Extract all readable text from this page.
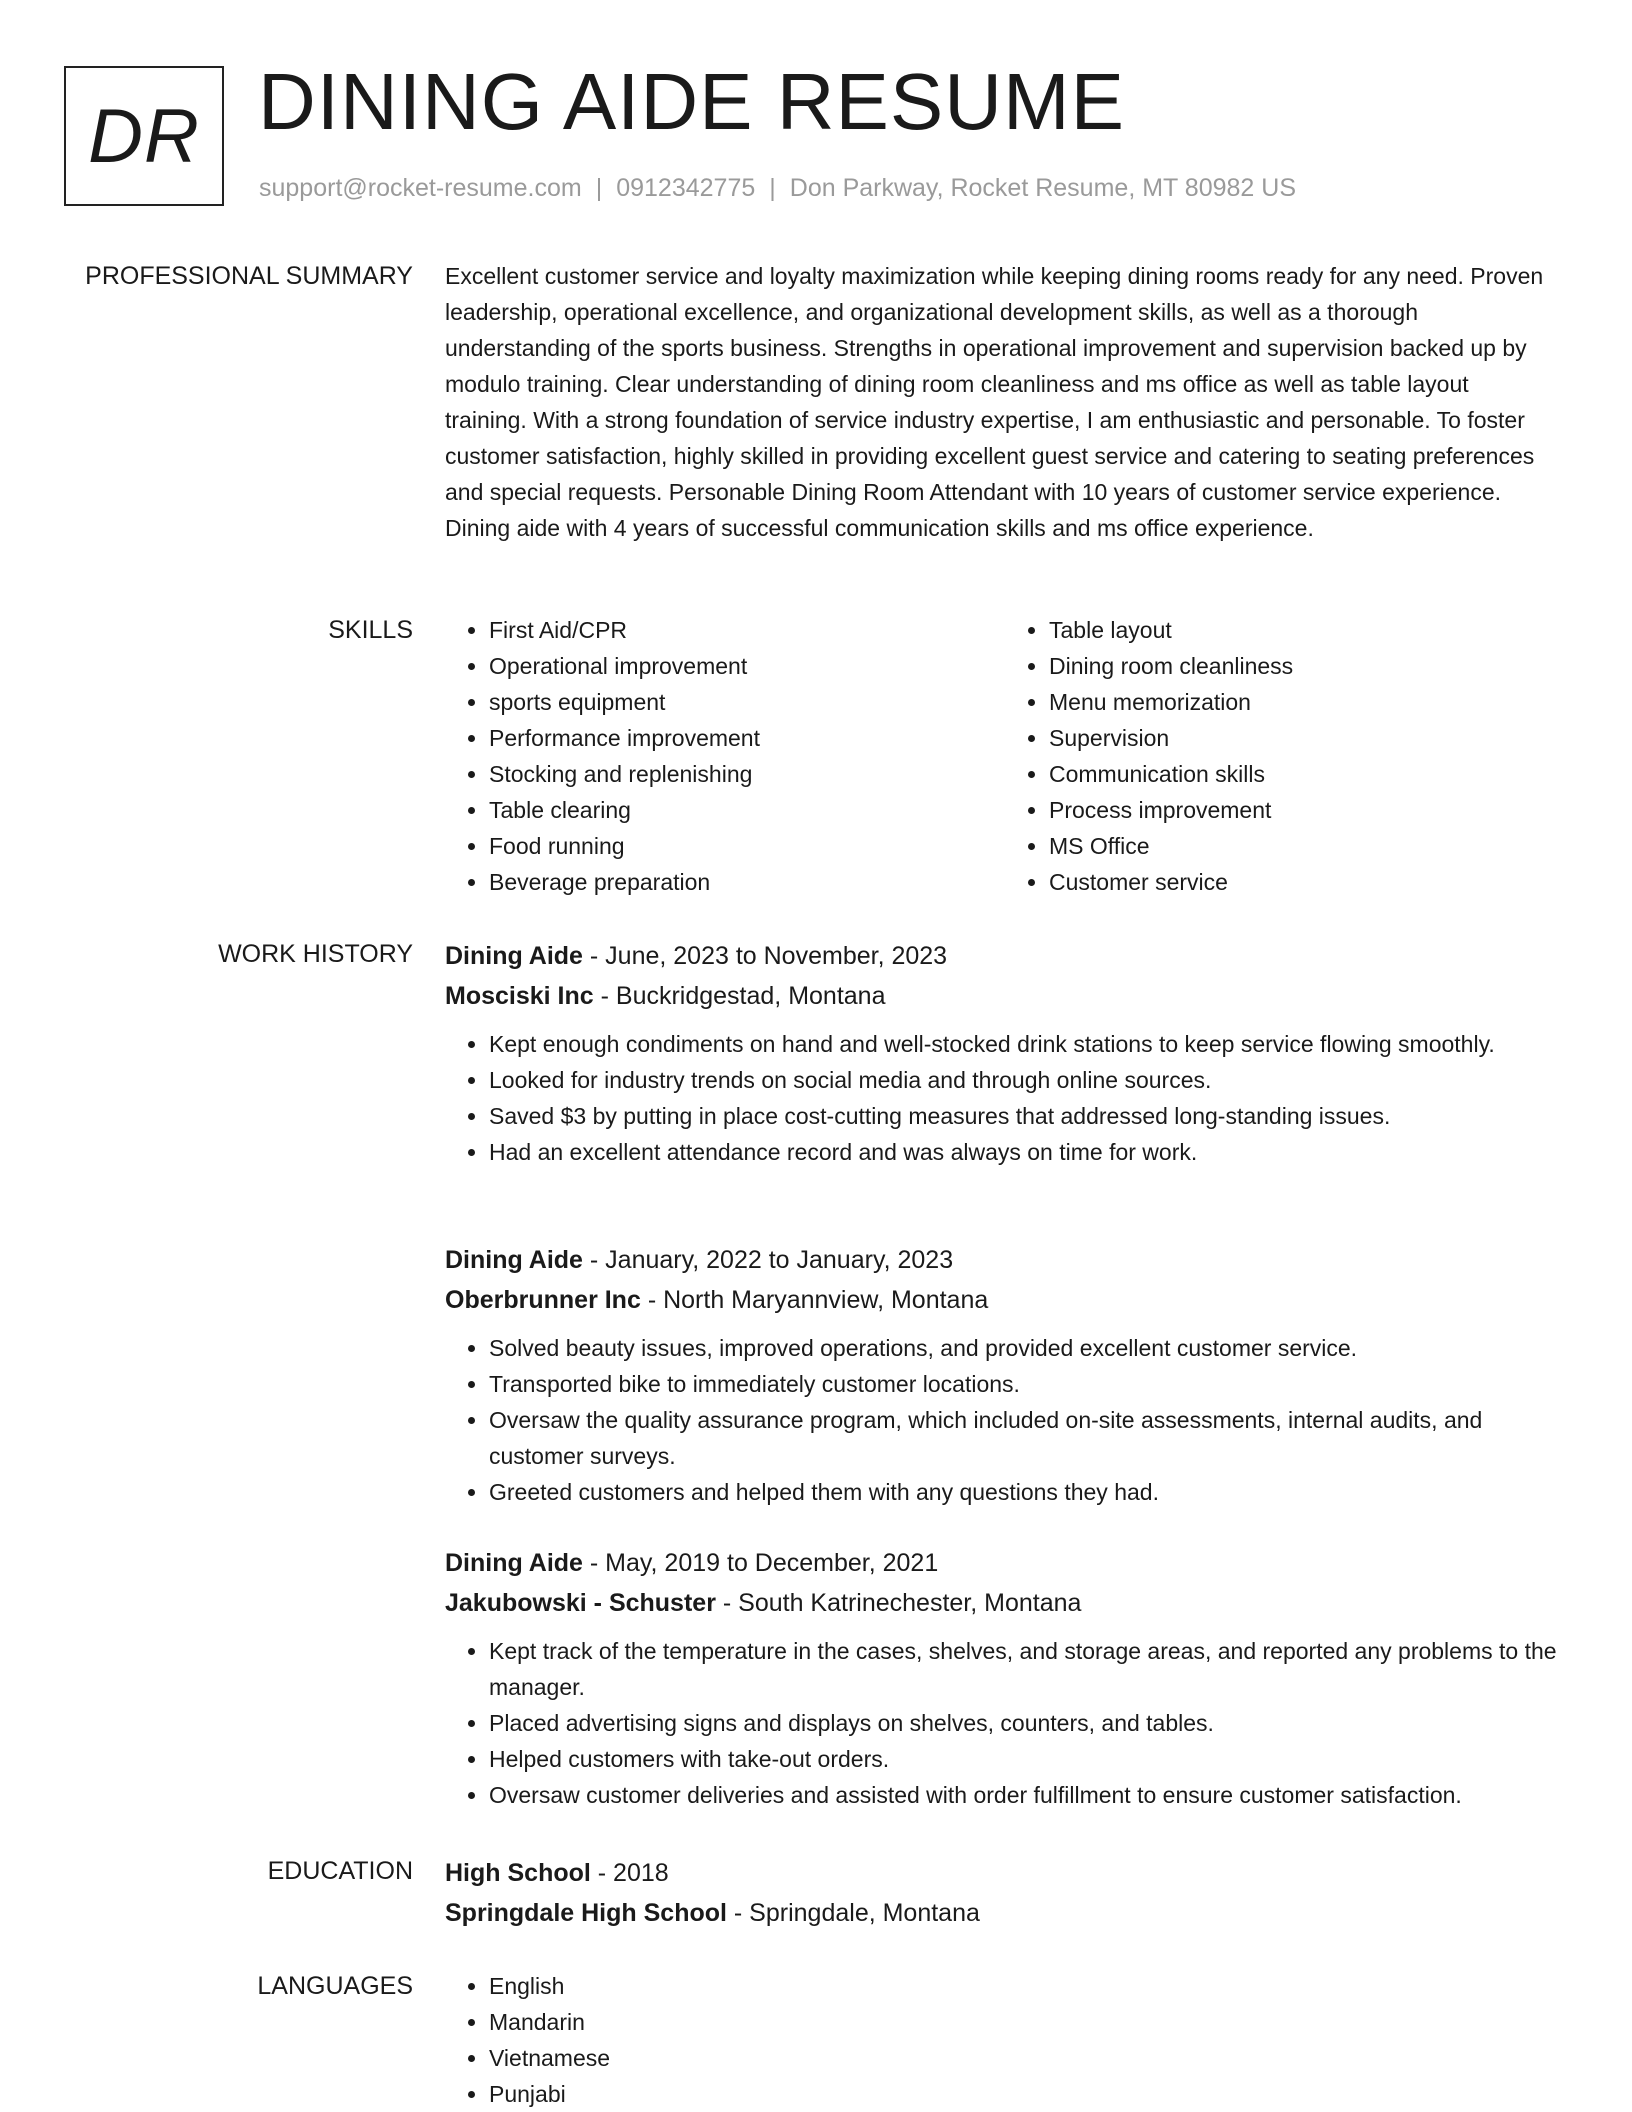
DR DINING AIDE RESUME
support@rocket-resume.com | 0912342775 | Don Parkway, Rocket Resume, MT 80982 US
PROFESSIONAL SUMMARY Excellent customer service and loyalty maximization while keeping dining rooms ready for any need. Proven leadership, operational excellence, and organizational development skills, as well as a thorough understanding of the sports business. Strengths in operational improvement and supervision backed up by modulo training. Clear understanding of dining room cleanliness and ms office as well as table layout training. With a strong foundation of service industry expertise, I am enthusiastic and personable. To foster customer satisfaction, highly skilled in providing excellent guest service and catering to seating preferences and special requests. Personable Dining Room Attendant with 10 years of customer service experience. Dining aide with 4 years of successful communication skills and ms office experience.

SKILLS	• First Aid/CPR
• Operational improvement
• sports equipment
• Performance improvement
• Stocking and replenishing
• Table clearing
• Food running
• Beverage preparation
• Table layout
• Dining room cleanliness
• Menu memorization
• Supervision
• Communication skills
• Process improvement
• MS Office
• Customer service
WORK HISTORY Dining Aide - June, 2023 to November, 2023
Mosciski Inc - Buckridgestad, Montana
• Kept enough condiments on hand and well-stocked drink stations to keep service flowing smoothly.
• Looked for industry trends on social media and through online sources.
• Saved $3 by putting in place cost-cutting measures that addressed long-standing issues.
• Had an excellent attendance record and was always on time for work.
Dining Aide - January, 2022 to January, 2023
Oberbrunner Inc - North Maryannview, Montana
• Solved beauty issues, improved operations, and provided excellent customer service.
• Transported bike to immediately customer locations.
• Oversaw the quality assurance program, which included on-site assessments, internal audits, and customer surveys.
• Greeted customers and helped them with any questions they had.
Dining Aide - May, 2019 to December, 2021
Jakubowski - Schuster - South Katrinechester, Montana
• Kept track of the temperature in the cases, shelves, and storage areas, and reported any problems to the manager.
• Placed advertising signs and displays on shelves, counters, and tables.
• Helped customers with take-out orders.
• Oversaw customer deliveries and assisted with order fulfillment to ensure customer satisfaction.
EDUCATION High School - 2018
Springdale High School - Springdale, Montana
LANGUAGES	• English
• Mandarin
• Vietnamese
• Punjabi
